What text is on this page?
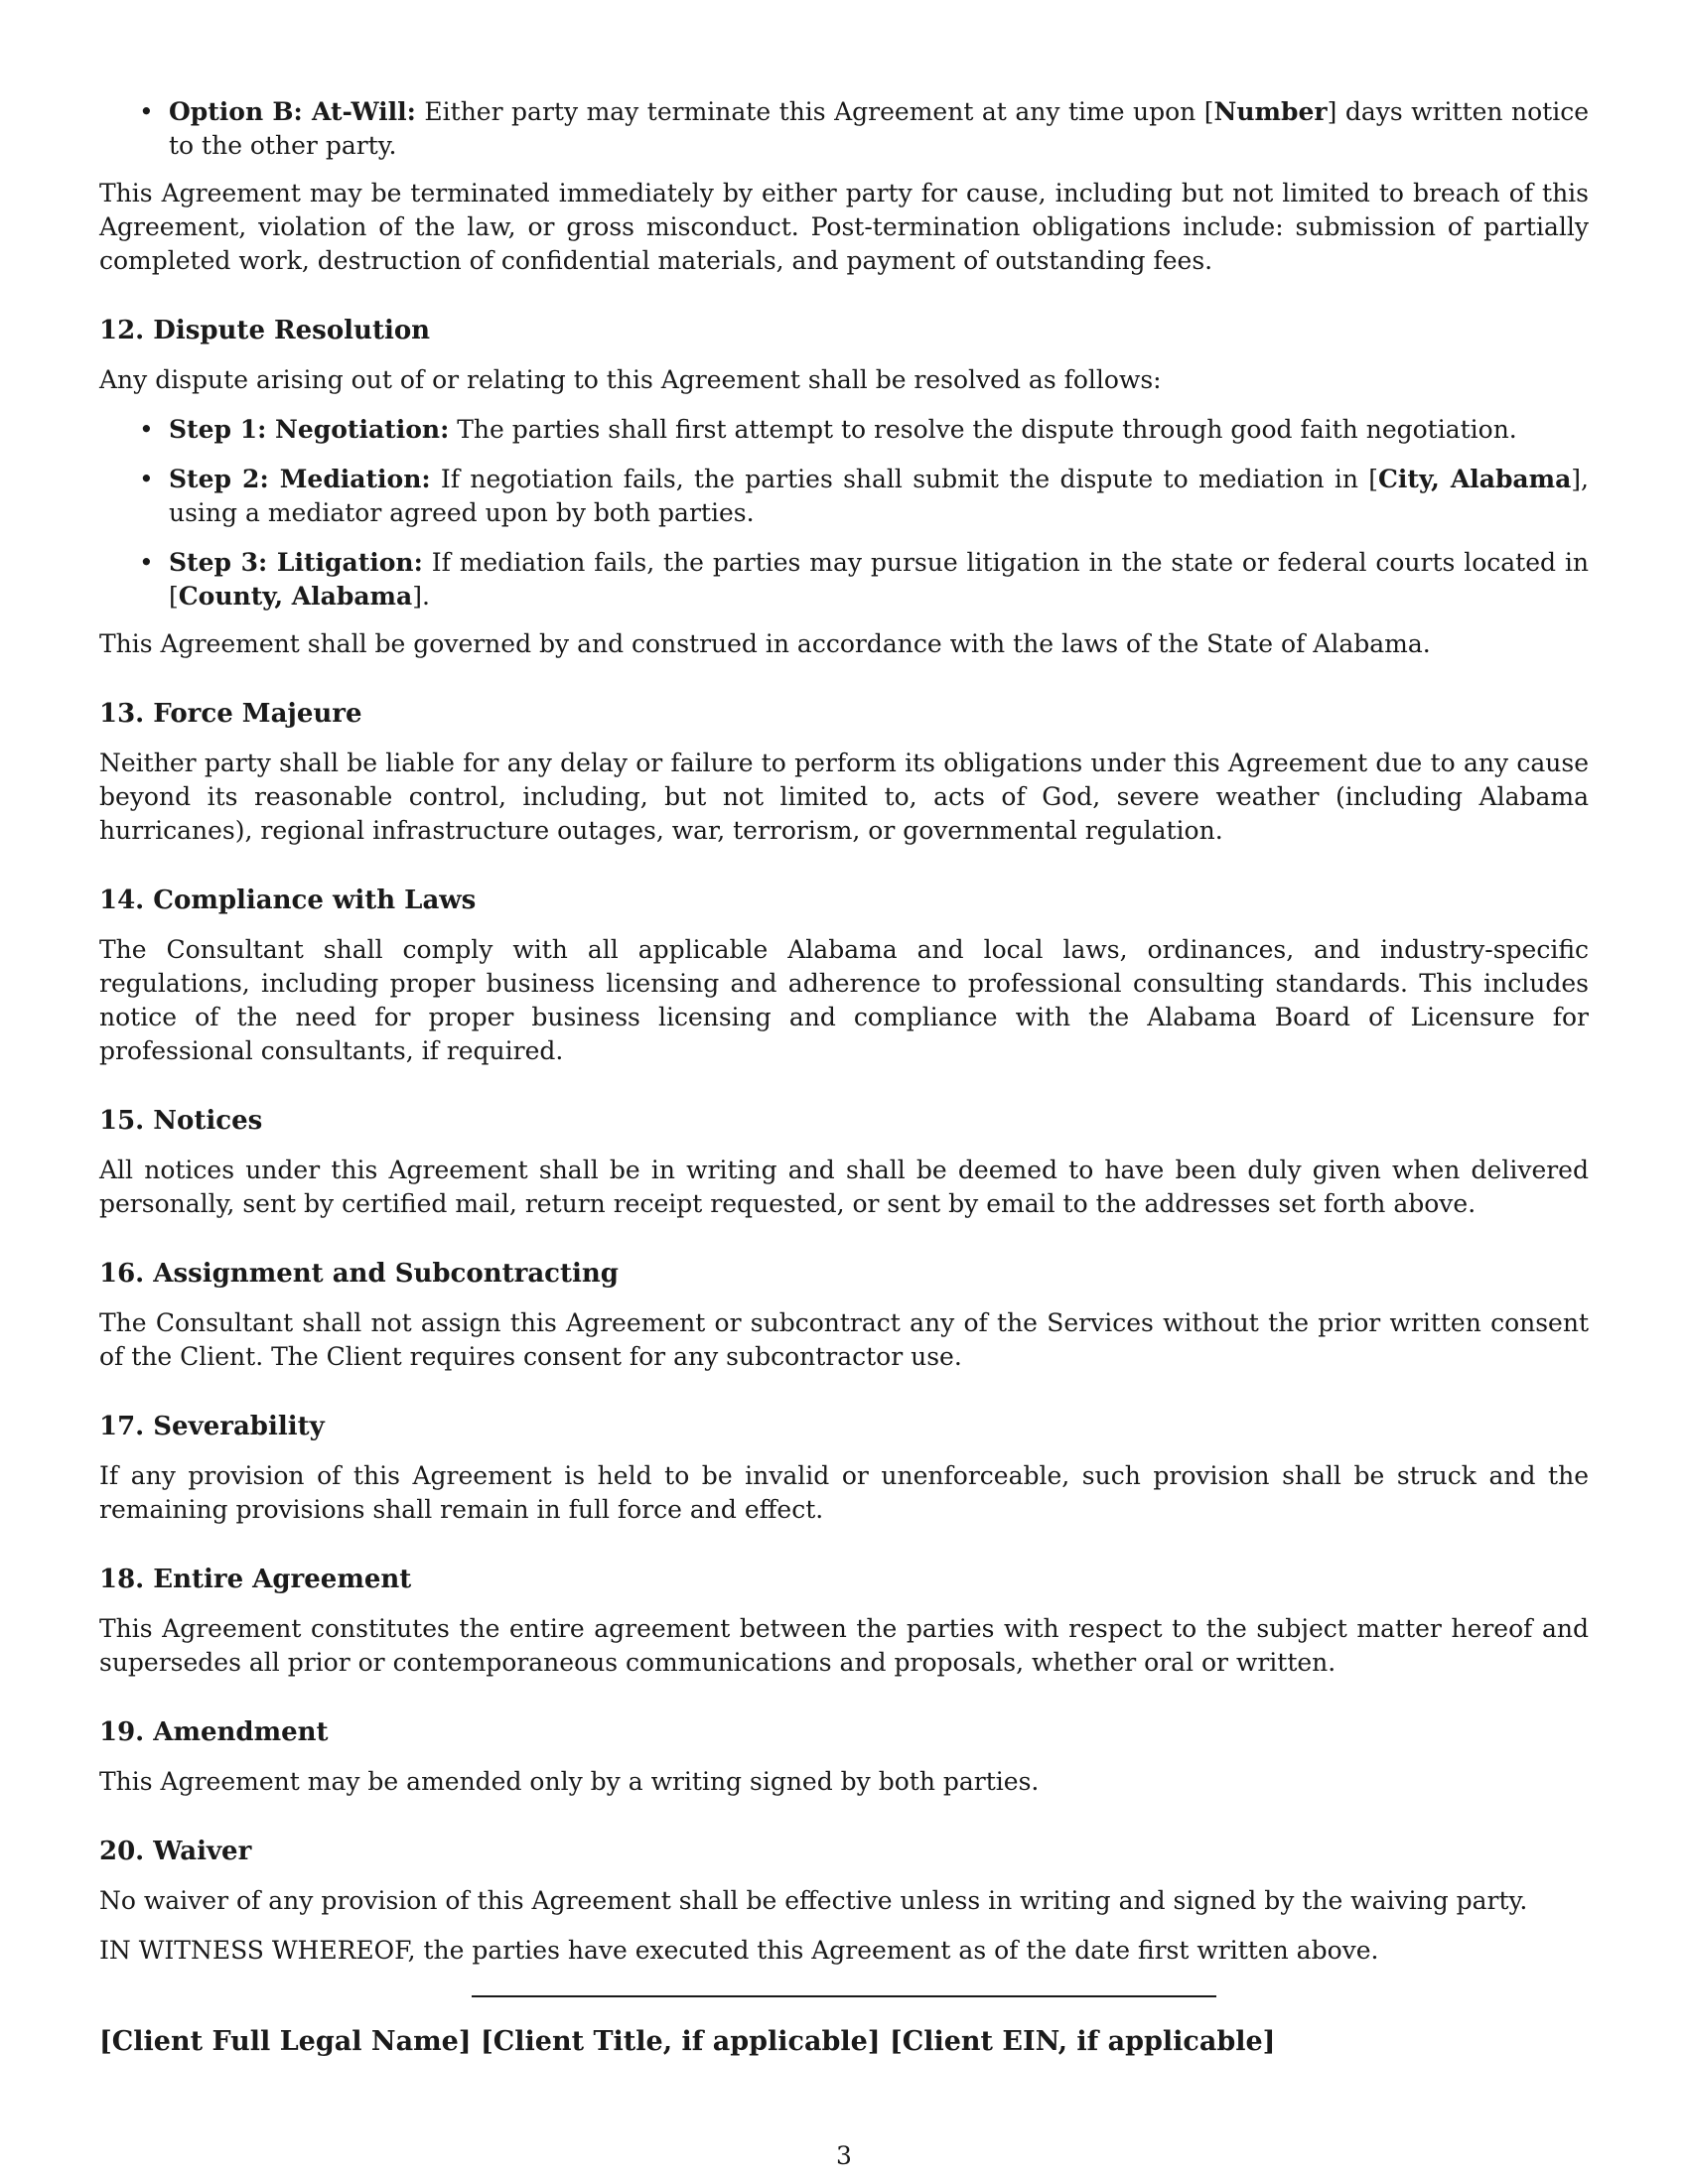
• Option B: At-Will: Either party may terminate this Agreement at any time upon [Number] days written notice to the other party.

This Agreement may be terminated immediately by either party for cause, including but not limited to breach of this Agreement, violation of the law, or gross misconduct. Post-termination obligations include: submission of partially completed work, destruction of confidential materials, and payment of outstanding fees.

12. Dispute Resolution

Any dispute arising out of or relating to this Agreement shall be resolved as follows:

• Step 1: Negotiation: The parties shall first attempt to resolve the dispute through good faith negotiation.
• Step 2: Mediation: If negotiation fails, the parties shall submit the dispute to mediation in [City, Alabama], using a mediator agreed upon by both parties.
• Step 3: Litigation: If mediation fails, the parties may pursue litigation in the state or federal courts located in [County, Alabama].

This Agreement shall be governed by and construed in accordance with the laws of the State of Alabama.

13. Force Majeure

Neither party shall be liable for any delay or failure to perform its obligations under this Agreement due to any cause beyond its reasonable control, including, but not limited to, acts of God, severe weather (including Alabama hurricanes), regional infrastructure outages, war, terrorism, or governmental regulation.

14. Compliance with Laws

The Consultant shall comply with all applicable Alabama and local laws, ordinances, and industry-specific regulations, including proper business licensing and adherence to professional consulting standards. This includes notice of the need for proper business licensing and compliance with the Alabama Board of Licensure for professional consultants, if required.

15. Notices

All notices under this Agreement shall be in writing and shall be deemed to have been duly given when delivered personally, sent by certified mail, return receipt requested, or sent by email to the addresses set forth above.

16. Assignment and Subcontracting

The Consultant shall not assign this Agreement or subcontract any of the Services without the prior written consent of the Client. The Client requires consent for any subcontractor use.

17. Severability

If any provision of this Agreement is held to be invalid or unenforceable, such provision shall be struck and the remaining provisions shall remain in full force and effect.

18. Entire Agreement

This Agreement constitutes the entire agreement between the parties with respect to the subject matter hereof and supersedes all prior or contemporaneous communications and proposals, whether oral or written.

19. Amendment

This Agreement may be amended only by a writing signed by both parties.

20. Waiver

No waiver of any provision of this Agreement shall be effective unless in writing and signed by the waiving party.

IN WITNESS WHEREOF, the parties have executed this Agreement as of the date first written above.

[Client Full Legal Name] [Client Title, if applicable] [Client EIN, if applicable]
3
